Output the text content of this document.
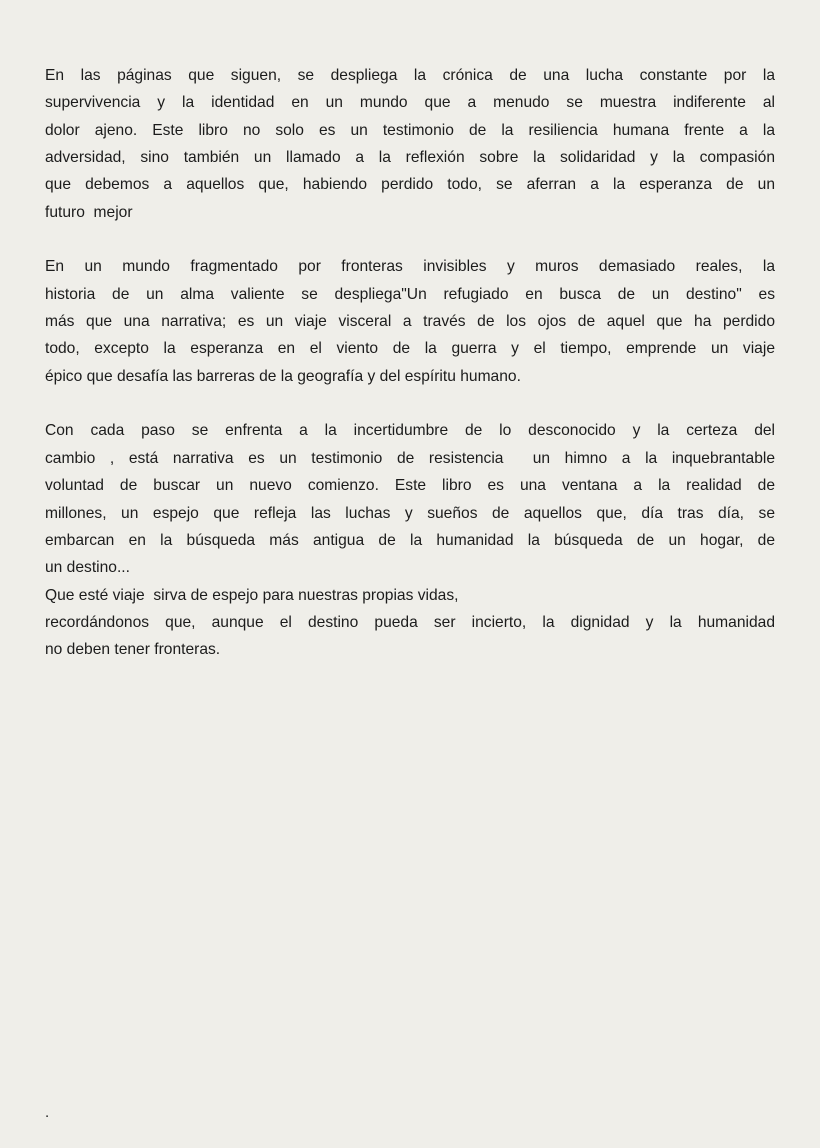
En las páginas que siguen, se despliega la crónica de una lucha constante por la
supervivencia y la identidad en un mundo que a menudo se muestra indiferente al
dolor ajeno. Este libro no solo es un testimonio de la resiliencia humana frente a la
adversidad, sino también un llamado a la reflexión sobre la solidaridad y la compasión
que debemos a aquellos que, habiendo perdido todo, se aferran a la esperanza de un
futuro  mejor
En un mundo fragmentado por fronteras invisibles y muros demasiado reales, la
historia de un alma valiente se despliega"Un refugiado en busca de un destino" es
más que una narrativa; es un viaje visceral a través de los ojos de aquel que ha perdido
todo, excepto la esperanza en el viento de la guerra y el tiempo, emprende un viaje
épico que desafía las barreras de la geografía y del espíritu humano.
Con cada paso se enfrenta a la incertidumbre de lo desconocido y la certeza del
cambio , está narrativa es un testimonio de resistencia  un himno a la inquebrantable
voluntad de buscar un nuevo comienzo. Este libro es una ventana a la realidad de
millones, un espejo que refleja las luchas y sueños de aquellos que, día tras día, se
embarcan en la búsqueda más antigua de la humanidad la búsqueda de un hogar, de
un destino...
Que esté viaje  sirva de espejo para nuestras propias vidas,
recordándonos que, aunque el destino pueda ser incierto, la dignidad y la humanidad
no deben tener fronteras.
.
